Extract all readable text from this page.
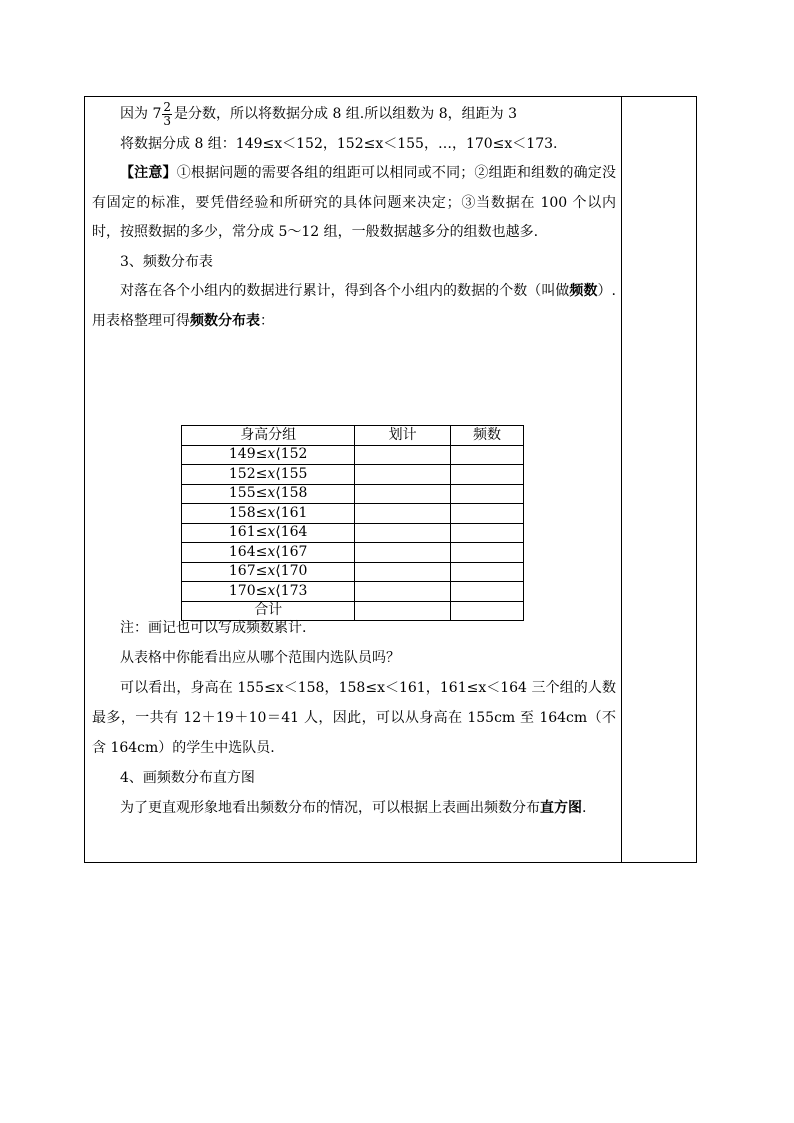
因为 $7 \frac{2}{3}$ 是分数，所以将数据分成 8 组.所以组数为 8，组距为 3

将数据分成 8 组：149≤x＜152，152≤x＜155，…，170≤x＜173.

【注意】①根据问题的需要各组的组距可以相同或不同；②组距和组数的确定没有固定的标准，要凭借经验和所研究的具体问题来决定；③当数据在 100 个以内时，按照数据的多少，常分成 5～12 组，一般数据越多分的组数也越多.

3、频数分布表

对落在各个小组内的数据进行累计，得到各个小组内的数据的个数（叫做频数）.用表格整理可得频数分布表：

身高分组	划计	频数
149≤x⟨152		
152≤x⟨155		
155≤x⟨158		
158≤x⟨161		
161≤x⟨164		
164≤x⟨167		
167≤x⟨170		
170≤x⟨173		
合计		

注：画记也可以写成频数累计.

从表格中你能看出应从哪个范围内选队员吗？

可以看出，身高在 155≤x＜158，158≤x＜161，161≤x＜164 三个组的人数最多，一共有 12＋19＋10＝41 人，因此，可以从身高在 155cm 至 164cm（不含 164cm）的学生中选队员.

4、画频数分布直方图

为了更直观形象地看出频数分布的情况，可以根据上表画出频数分布直方图.
